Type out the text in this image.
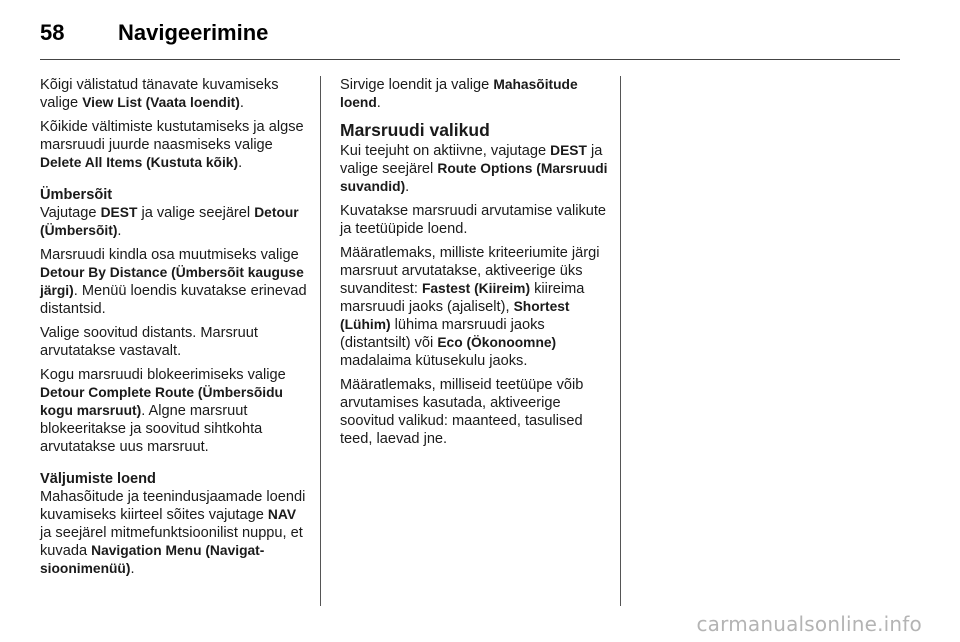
58 Navigeerimine

Kõigi välistatud tänavate kuvamiseks valige View List (Vaata loendit).

Kõikide vältimiste kustutamiseks ja algse marsruudi juurde naasmiseks valige Delete All Items (Kustuta kõik).

Ümbersõit

Vajutage DEST ja valige seejärel Detour (Ümbersõit).

Marsruudi kindla osa muutmiseks valige Detour By Distance (Ümbersõit kauguse järgi). Menüü loendis kuvatakse erinevad distantsid.

Valige soovitud distants. Marsruut arvutatakse vastavalt.

Kogu marsruudi blokeerimiseks valige Detour Complete Route (Ümbersõidu kogu marsruut). Algne marsruut blokeeritakse ja soovitud sihtkohta arvutatakse uus marsruut.

Väljumiste loend

Mahasõitude ja teenindusjaamade loendi kuvamiseks kiirteel sõites vajutage NAV ja seejärel mitmefunktsioonilist nuppu, et kuvada Navigation Menu (Navigat-sioonimenüü).

Sirvige loendit ja valige Mahasõitude loend.

Marsruudi valikud

Kui teejuht on aktiivne, vajutage DEST ja valige seejärel Route Options (Marsruudi suvandid).

Kuvatakse marsruudi arvutamise valikute ja teetüüpide loend.

Määratlemaks, milliste kriteeriumite järgi marsruut arvutatakse, aktiveerige üks suvanditest: Fastest (Kiireim) kiireima marsruudi jaoks (ajaliselt), Shortest (Lühim) lühima marsruudi jaoks (distantsilt) või Eco (Ökonoomne) madalaima kütusekulu jaoks.

Määratlemaks, milliseid teetüüpe võib arvutamises kasutada, aktiveerige soovitud valikud: maanteed, tasulised teed, laevad jne.

carmanualsonline.info
